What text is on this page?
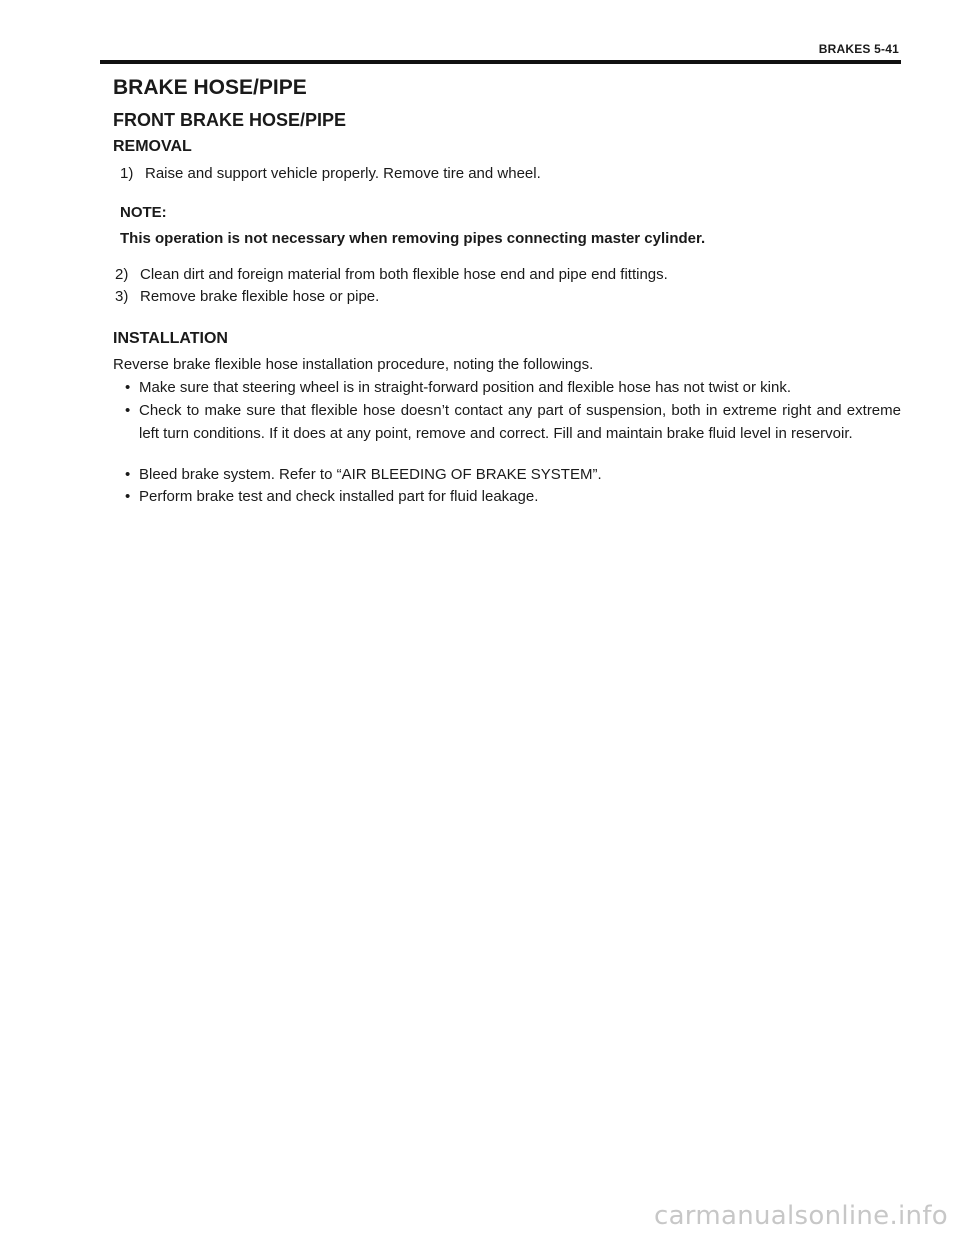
BRAKES 5-41
BRAKE HOSE/PIPE
FRONT BRAKE HOSE/PIPE
REMOVAL
1) Raise and support vehicle properly. Remove tire and wheel.
NOTE:
This operation is not necessary when removing pipes connecting master cylinder.
2) Clean dirt and foreign material from both flexible hose end and pipe end fittings.
3) Remove brake flexible hose or pipe.
INSTALLATION
Reverse brake flexible hose installation procedure, noting the followings.
• Make sure that steering wheel is in straight-forward position and flexible hose has not twist or kink.
• Check to make sure that flexible hose doesn’t contact any part of suspension, both in extreme right and extreme left turn conditions. If it does at any point, remove and correct. Fill and maintain brake fluid level in reservoir.
• Bleed brake system. Refer to “AIR BLEEDING OF BRAKE SYSTEM”.
• Perform brake test and check installed part for fluid leakage.
carmanualsonline.info
